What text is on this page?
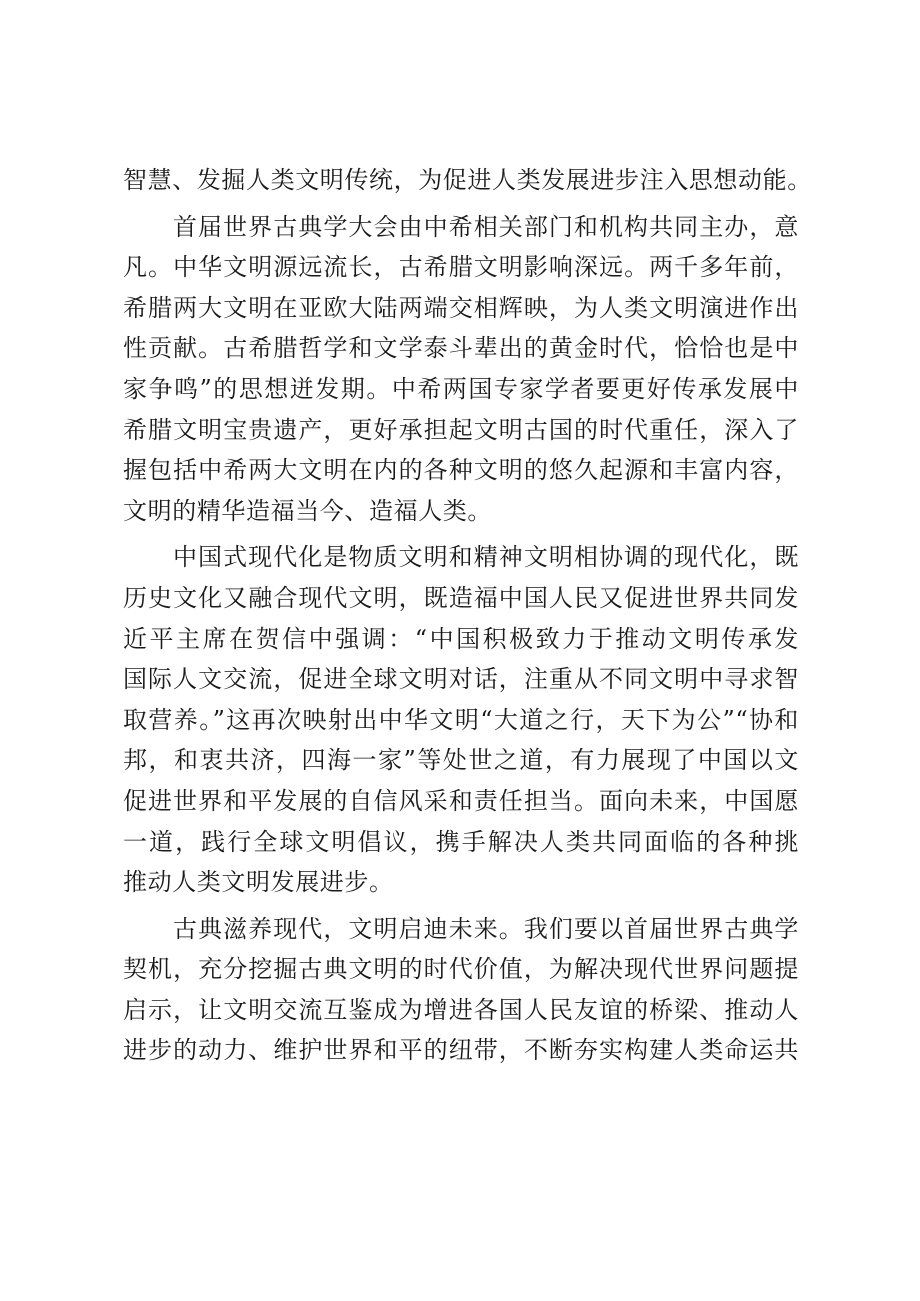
智慧、发掘人类文明传统，为促进人类发展进步注入思想动能。
首届世界古典学大会由中希相关部门和机构共同主办，意
凡。中华文明源远流长，古希腊文明影响深远。两千多年前，
希腊两大文明在亚欧大陆两端交相辉映，为人类文明演进作出
性贡献。古希腊哲学和文学泰斗辈出的黄金时代，恰恰也是中
家争鸣”的思想迸发期。中希两国专家学者要更好传承发展中
希腊文明宝贵遗产，更好承担起文明古国的时代重任，深入了
握包括中希两大文明在内的各种文明的悠久起源和丰富内容，
文明的精华造福当今、造福人类。
中国式现代化是物质文明和精神文明相协调的现代化，既
历史文化又融合现代文明，既造福中国人民又促进世界共同发
近平主席在贺信中强调：“中国积极致力于推动文明传承发
国际人文交流，促进全球文明对话，注重从不同文明中寻求智
取营养。”这再次映射出中华文明“大道之行，天下为公”“协和
邦，和衷共济，四海一家”等处世之道，有力展现了中国以文
促进世界和平发展的自信风采和责任担当。面向未来，中国愿
一道，践行全球文明倡议，携手解决人类共同面临的各种挑
推动人类文明发展进步。
古典滋养现代，文明启迪未来。我们要以首届世界古典学
契机，充分挖掘古典文明的时代价值，为解决现代世界问题提
启示，让文明交流互鉴成为增进各国人民友谊的桥梁、推动人
进步的动力、维护世界和平的纽带，不断夯实构建人类命运共
